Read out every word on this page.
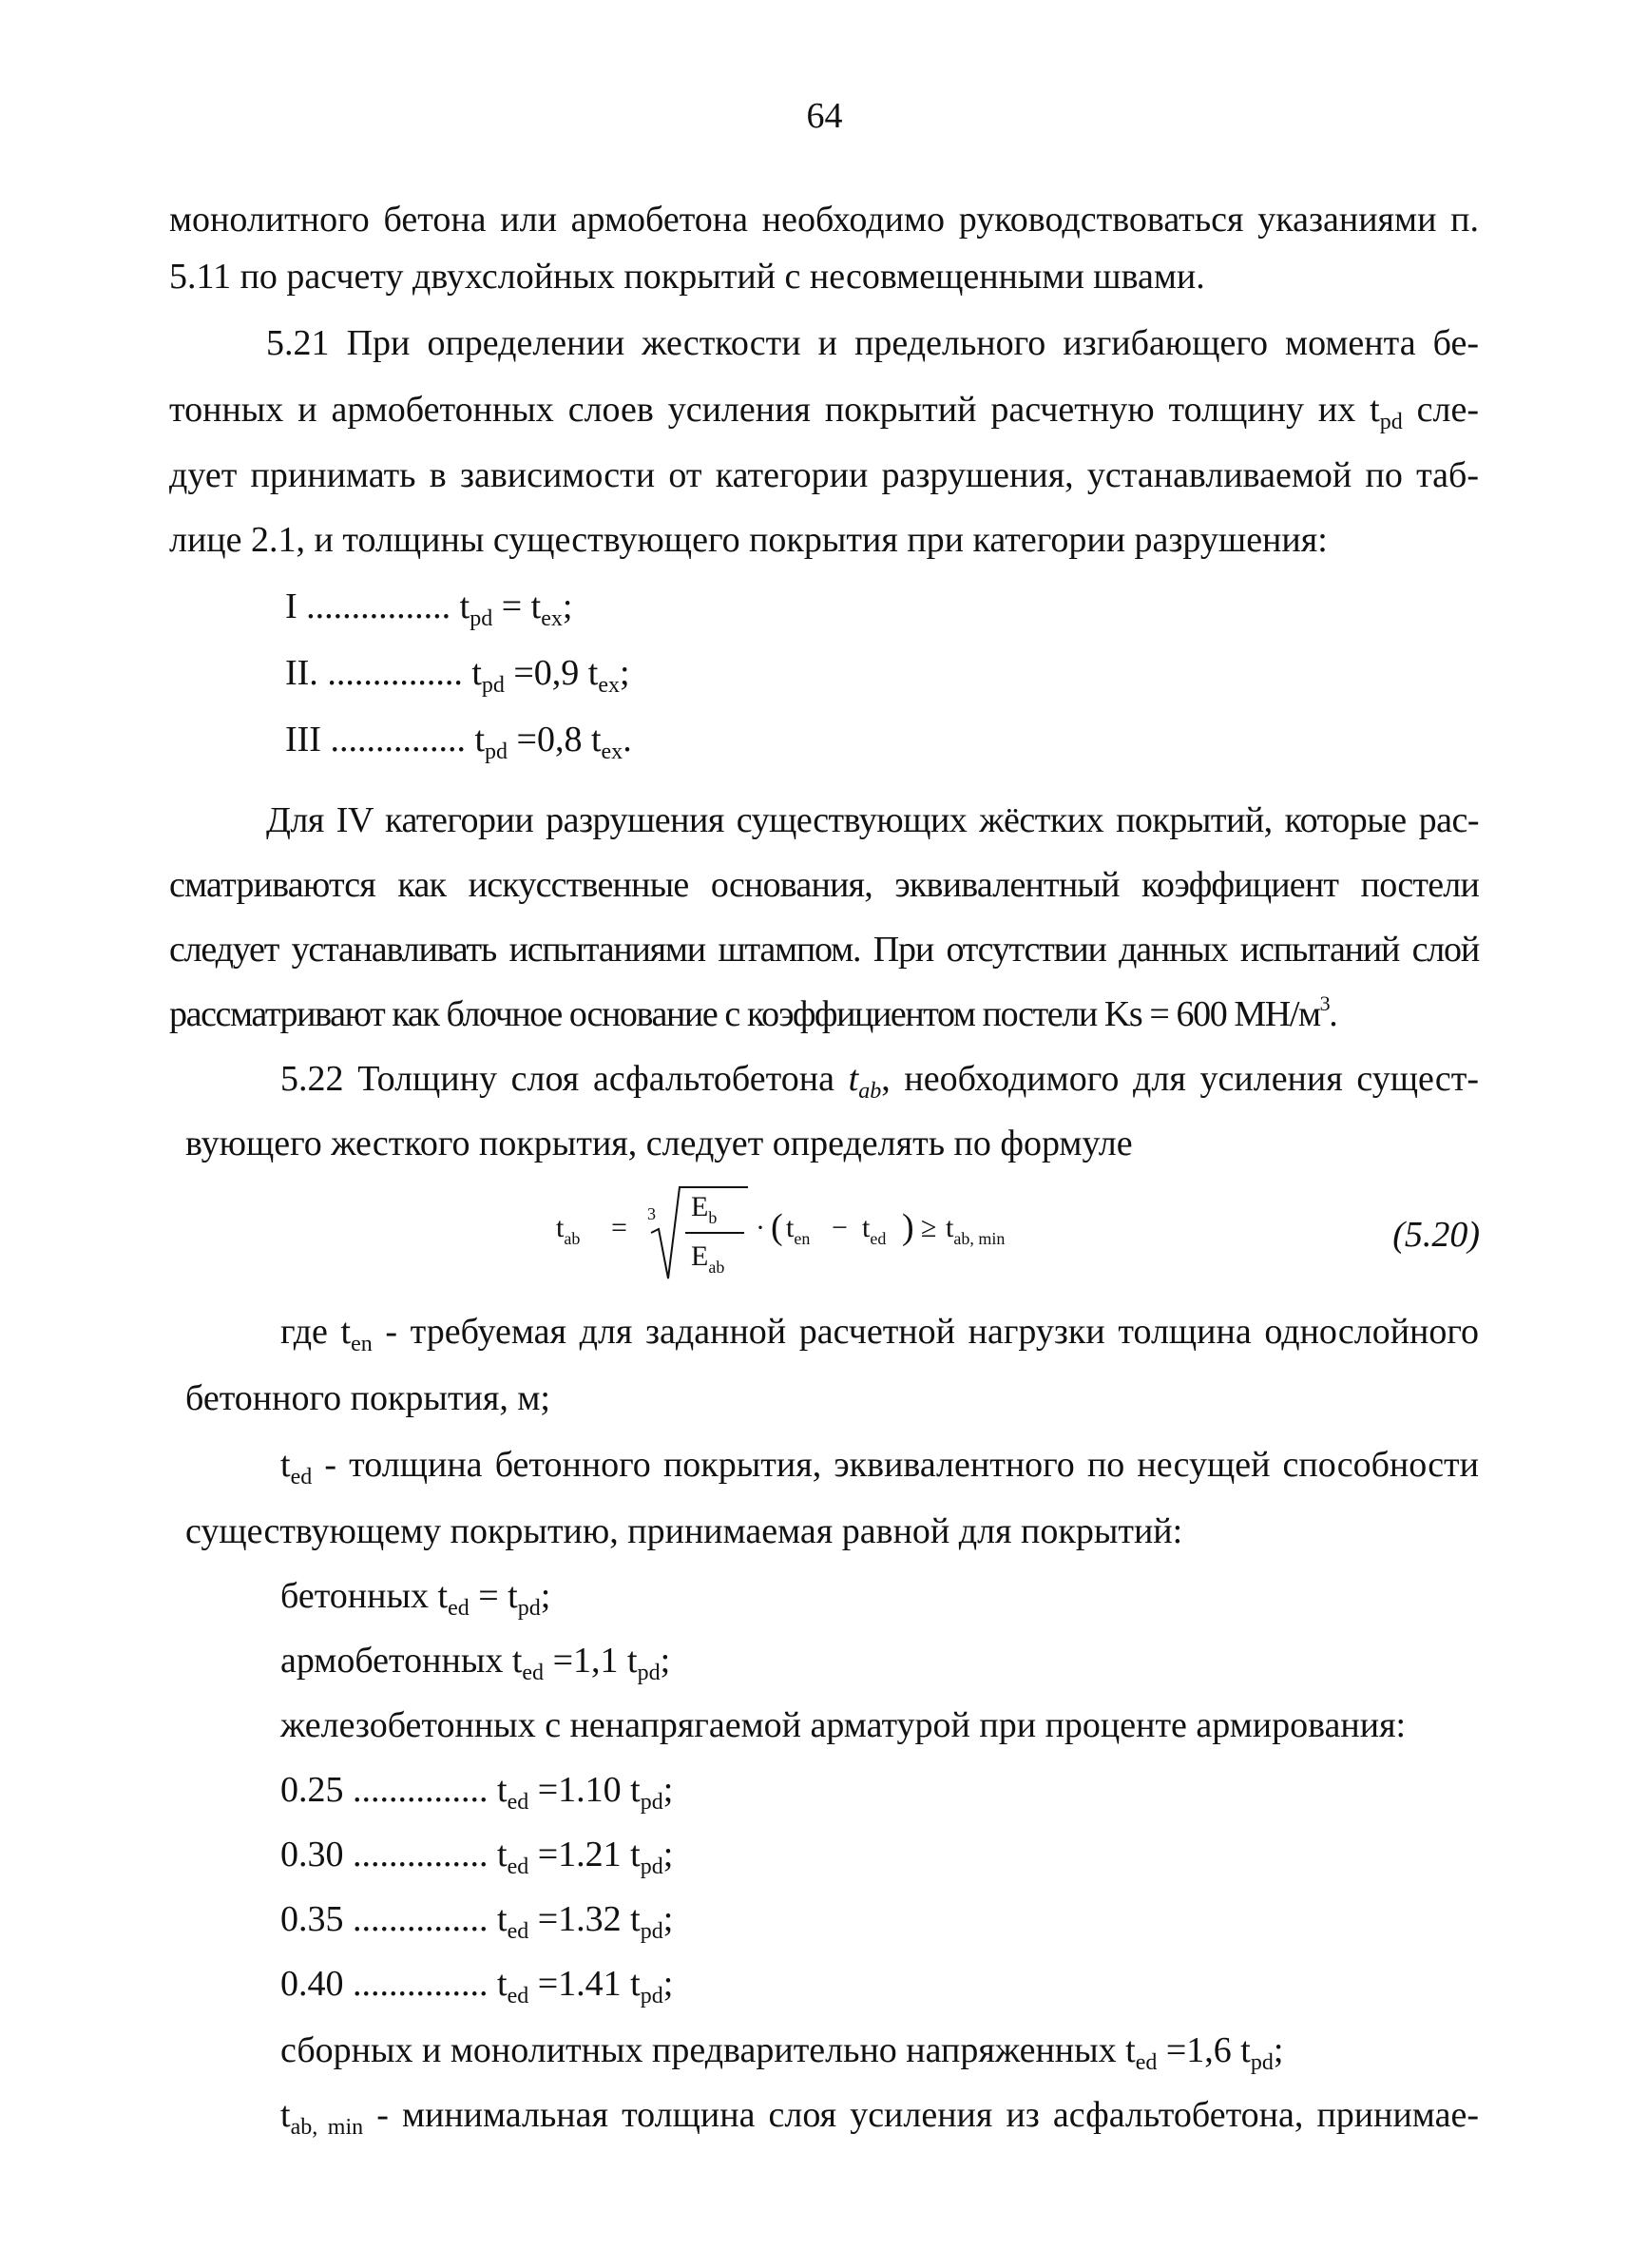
64
монолитного бетона или армобетона необходимо руководствоваться указаниями п.
5.11 по расчету двухслойных покрытий с несовмещенными швами.
5.21 При определении жесткости и предельного изгибающего момента бе-
тонных и армобетонных слоев усиления покрытий расчетную толщину их $t_{pd}$ сле-
дует принимать в зависимости от категории разрушения, устанавливаемой по таб-
лице 2.1, и толщины существующего покрытия при категории разрушения:
I ................ $t_{pd} = t_{ex}$;
II. ............... $t_{pd} =0,9$ $t_{ex}$;
III ............... $t_{pd} =0,8$ $t_{ex}$.
Для IV категории разрушения существующих жёстких покрытий, которые рас-
сматриваются как искусственные основания, эквивалентный коэффициент постели
следует устанавливать испытаниями штампом. При отсутствии данных испытаний слой
рассматривают как блочное основание с коэффициентом постели Ks = 600 $МН/м^3$.
5.22 Толщину слоя асфальтобетона $t_{ab}$, необходимого для усиления сущест-
вующего жесткого покрытия, следует определять по формуле
$t_{ab} = 3$ $E_b$
$E_{ab}$
· ( $t_{en} - t_{ed}$ ) ≥ $t_{ab, min}$	(5.20)
где $t_{en}$ - требуемая для заданной расчетной нагрузки толщина однослойного
бетонного покрытия, м;
$t_{ed}$ - толщина бетонного покрытия, эквивалентного по несущей способности
существующему покрытию, принимаемая равной для покрытий:
бетонных $t_{ed} = t_{pd}$;
армобетонных $t_{ed} =1,1$ $t_{pd}$;
железобетонных с ненапрягаемой арматурой при проценте армирования:
0.25 ............... $t_{ed} =1.10$ $t_{pd}$;
0.30 ............... $t_{ed} =1.21$ $t_{pd}$;
0.35 ............... $t_{ed} =1.32$ $t_{pd}$;
0.40 ............... $t_{ed} =1.41$ $t_{pd}$;
сборных и монолитных предварительно напряженных $t_{ed} =1,6$ $t_{pd}$;
$t_{ab, min}$ - минимальная толщина слоя усиления из асфальтобетона, принимае-
